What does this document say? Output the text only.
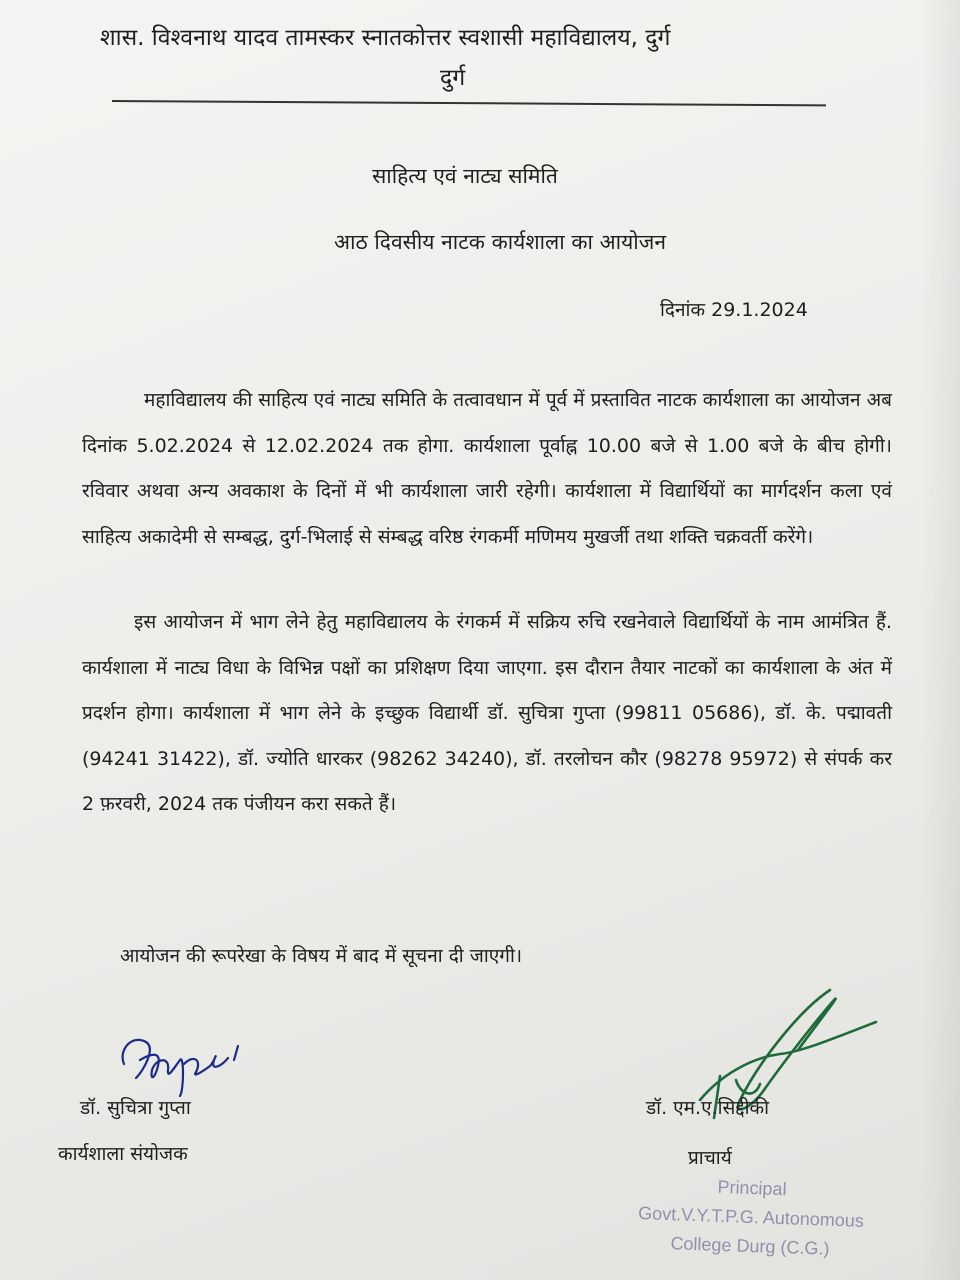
शास. विश्वनाथ यादव तामस्कर स्नातकोत्तर स्वशासी महाविद्यालय, दुर्ग
दुर्ग
साहित्य एवं नाट्य समिति
आठ दिवसीय नाटक कार्यशाला का आयोजन
दिनांक 29.1.2024
महाविद्यालय की साहित्य एवं नाट्य समिति के तत्वावधान में पूर्व में प्रस्तावित नाटक कार्यशाला का आयोजन अब दिनांक 5.02.2024 से 12.02.2024 तक होगा. कार्यशाला पूर्वाह्न 10.00 बजे से 1.00 बजे के बीच होगी। रविवार अथवा अन्य अवकाश के दिनों में भी कार्यशाला जारी रहेगी। कार्यशाला में विद्यार्थियों का मार्गदर्शन कला एवं साहित्य अकादेमी से सम्बद्ध, दुर्ग-भिलाई से संम्बद्ध वरिष्ठ रंगकर्मी मणिमय मुखर्जी तथा शक्ति चक्रवर्ती करेंगे।
इस आयोजन में भाग लेने हेतु महाविद्यालय के रंगकर्म में सक्रिय रुचि रखनेवाले विद्यार्थियों के नाम आमंत्रित हैं. कार्यशाला में नाट्य विधा के विभिन्न पक्षों का प्रशिक्षण दिया जाएगा. इस दौरान तैयार नाटकों का कार्यशाला के अंत में प्रदर्शन होगा। कार्यशाला में भाग लेने के इच्छुक विद्यार्थी डॉ. सुचित्रा गुप्ता (99811 05686), डॉ. के. पद्मावती (94241 31422), डॉ. ज्योति धारकर (98262 34240), डॉ. तरलोचन कौर (98278 95972) से संपर्क कर 2 फ़रवरी, 2024 तक पंजीयन करा सकते हैं।
आयोजन की रूपरेखा के विषय में बाद में सूचना दी जाएगी।
डॉ. सुचित्रा गुप्ता
कार्यशाला संयोजक
डॉ. एम.ए.सिद्दीकी
प्राचार्य
Principal
Govt.V.Y.T.P.G. Autonomous
College Durg (C.G.)
